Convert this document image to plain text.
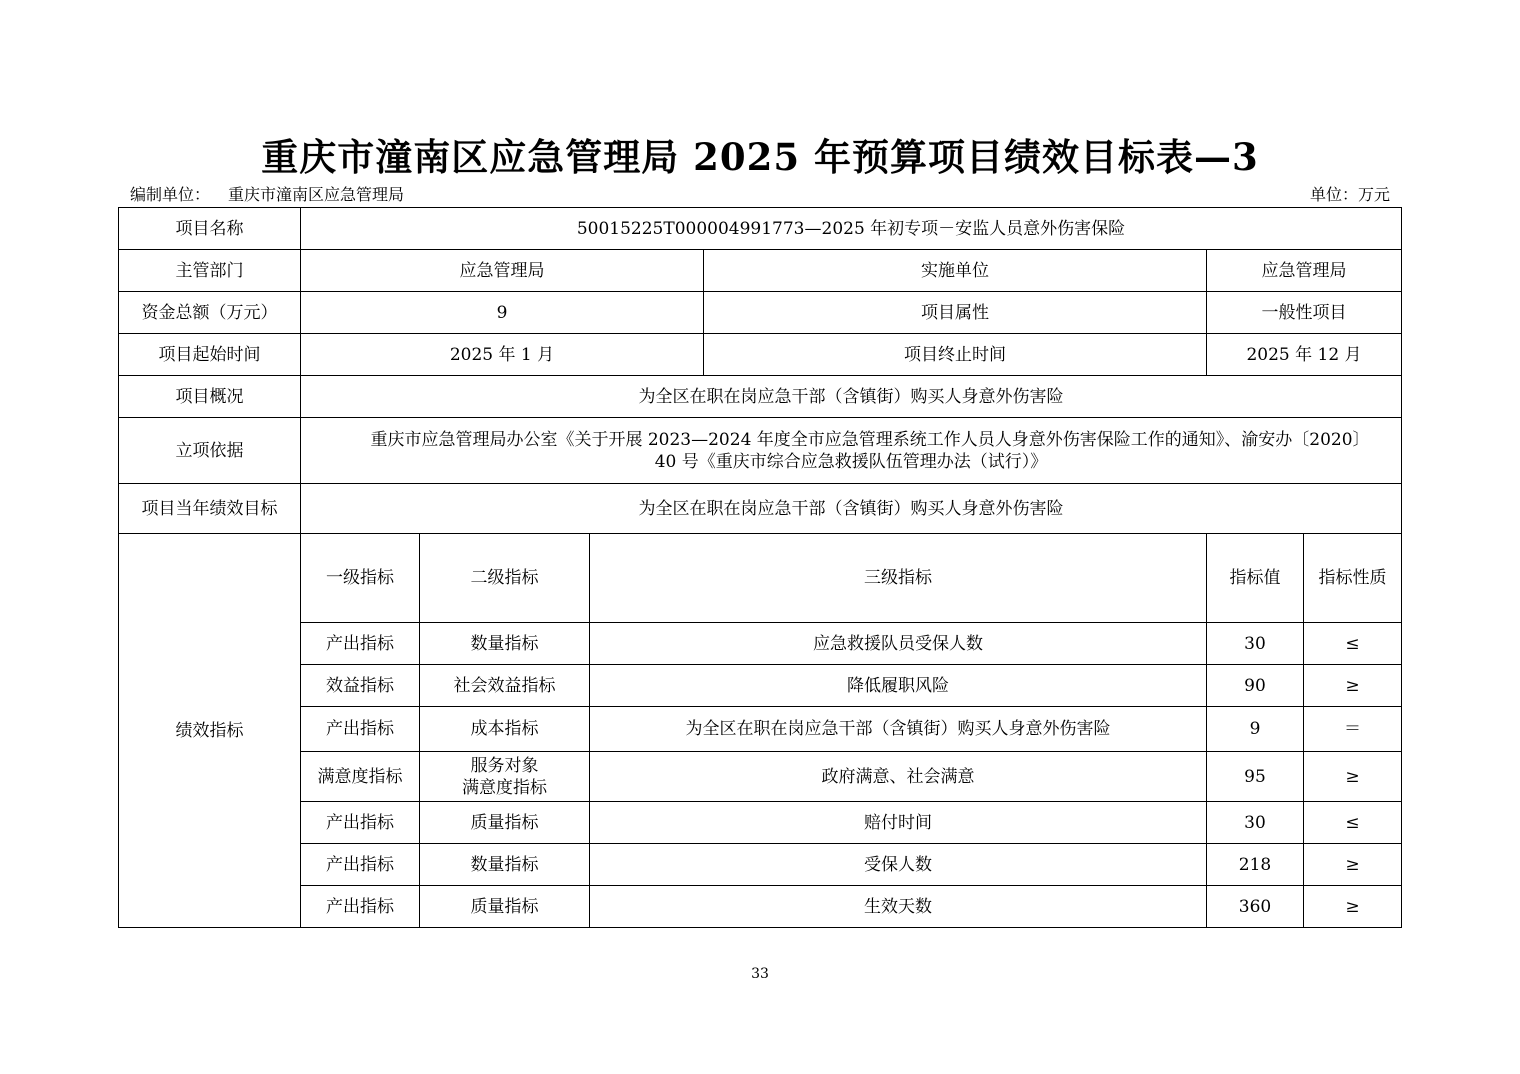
重庆市潼南区应急管理局 2025 年预算项目绩效目标表—3
编制单位： 重庆市潼南区应急管理局	单位：万元
项目名称	50015225T000004991773—2025 年初专项－安监人员意外伤害保险						
主管部门	应急管理局			实施单位	应急管理局		
资金总额（万元）	9			项目属性	一般性项目		
项目起始时间	2025 年 1 月			项目终止时间	2025 年 12 月		
项目概况	为全区在职在岗应急干部（含镇街）购买人身意外伤害险						
立项依据	重庆市应急管理局办公室《关于开展 2023—2024 年度全市应急管理系统工作人员人身意外伤害保险工作的通知》、渝安办〔2020〕
40 号《重庆市综合应急救援队伍管理办法（试行）》						

项目当年绩效目标	为全区在职在岗应急干部（含镇街）购买人身意外伤害险						
绩效指标	一级指标	二级指标	三级指标		指标值	指标性质	
	产出指标	数量指标	应急救援队员受保人数		30	≤	
	效益指标	社会效益指标	降低履职风险		90	≥	
	产出指标	成本指标	为全区在职在岗应急干部（含镇街）购买人身意外伤害险		9	＝	
	满意度指标	服务对象
满意度指标	政府满意、社会满意		95	≥	
	产出指标	质量指标	赔付时间		30	≤	
	产出指标	数量指标	受保人数		218	≥	
	产出指标	质量指标	生效天数		360	≥	
33
